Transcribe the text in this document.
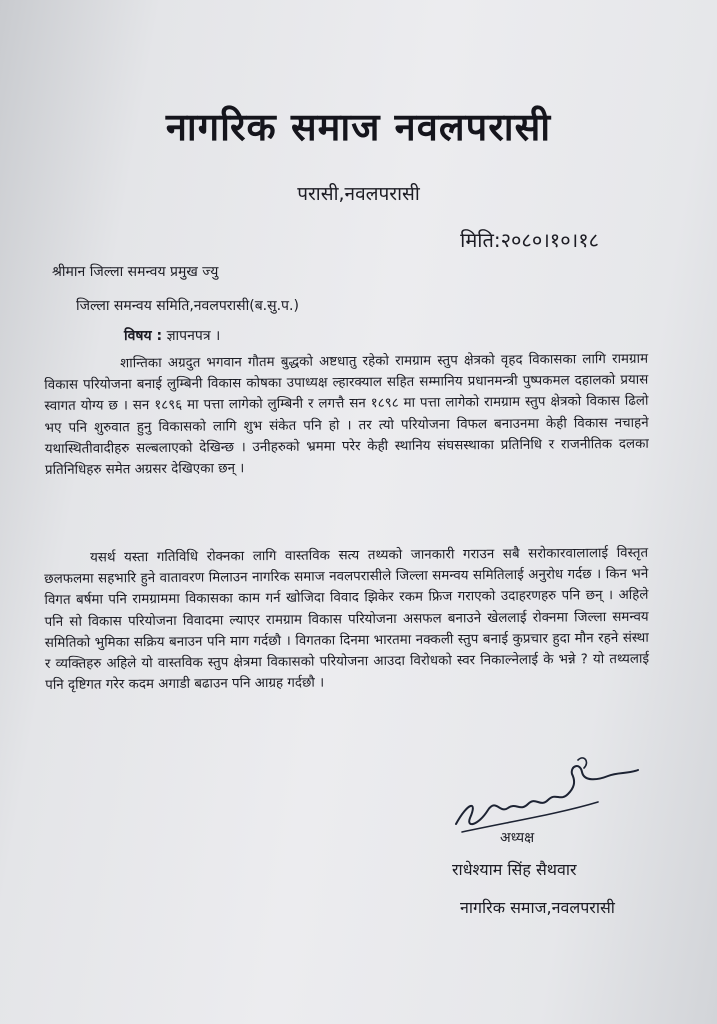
नागरिक समाज नवलपरासी
परासी,नवलपरासी
मिति:२०८०।१०।१८
श्रीमान जिल्ला समन्वय प्रमुख ज्यु
जिल्ला समन्वय समिति,नवलपरासी(ब.सु.प.)
विषय : ज्ञापनपत्र ।
शान्तिका अग्रदुत भगवान गौतम बुद्धको अष्टधातु रहेको रामग्राम स्तुप क्षेत्रको वृहद विकासका लागि रामग्राम विकास परियोजना बनाई लुम्बिनी विकास कोषका उपाध्यक्ष ल्हारक्याल सहित सम्मानिय प्रधानमन्त्री पुष्पकमल दहालको प्रयास स्वागत योग्य छ । सन १८९६ मा पत्ता लागेको लुम्बिनी र लगत्तै सन १८९८ मा पत्ता लागेको रामग्राम स्तुप क्षेत्रको विकास ढिलो भए पनि शुरुवात हुनु विकासको लागि शुभ संकेत पनि हो । तर त्यो परियोजना विफल बनाउनमा केही विकास नचाहने यथास्थितीवादीहरु सल्बलाएको देखिन्छ । उनीहरुको भ्रममा परेर केही स्थानिय संघसस्थाका प्रतिनिधि र राजनीतिक दलका प्रतिनिधिहरु समेत अग्रसर देखिएका छन् ।
यसर्थ यस्ता गतिविधि रोक्नका लागि वास्तविक सत्य तथ्यको जानकारी गराउन सबै सरोकारवालालाई विस्तृत छलफलमा सहभारि हुने वातावरण मिलाउन नागरिक समाज नवलपरासीले जिल्ला समन्वय समितिलाई अनुरोध गर्दछ । किन भने विगत बर्षमा पनि रामग्राममा विकासका काम गर्न खोजिदा विवाद झिकेर रकम फ्रिज गराएको उदाहरणहरु पनि छन् । अहिले पनि सो विकास परियोजना विवादमा ल्याएर रामग्राम विकास परियोजना असफल बनाउने खेललाई रोक्नमा जिल्ला समन्वय समितिको भुमिका सक्रिय बनाउन पनि माग गर्दछौ । विगतका दिनमा भारतमा नक्कली स्तुप बनाई कुप्रचार हुदा मौन रहने संस्था र व्यक्तिहरु अहिले यो वास्तविक स्तुप क्षेत्रमा विकासको परियोजना आउदा विरोधको स्वर निकाल्नेलाई के भन्ने ? यो तथ्यलाई पनि दृष्टिगत गरेर कदम अगाडी बढाउन पनि आग्रह गर्दछौ ।
अध्यक्ष
राधेश्याम सिंह सैथवार
नागरिक समाज,नवलपरासी
